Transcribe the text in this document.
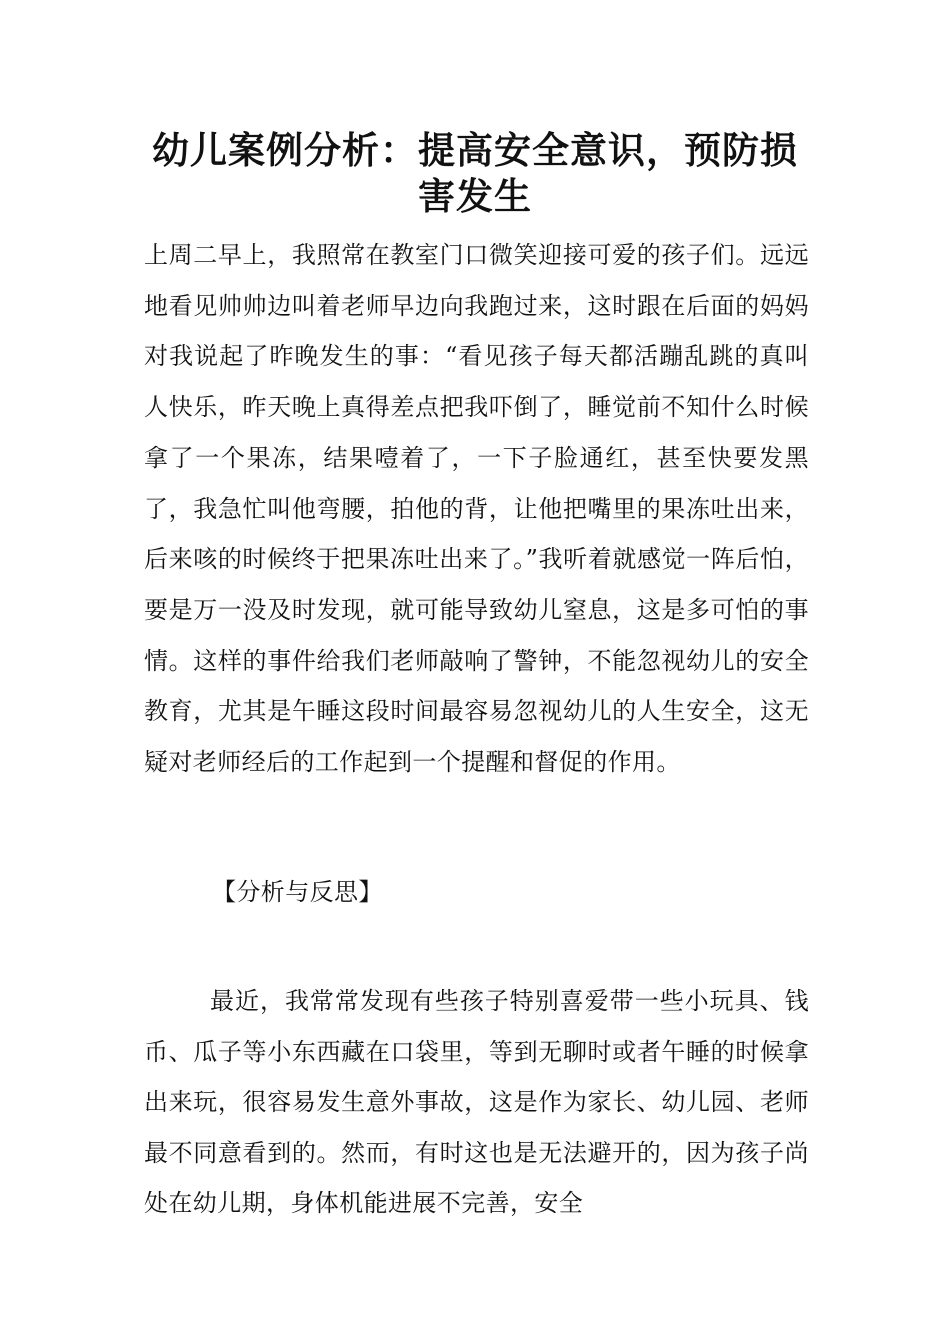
幼儿案例分析：提高安全意识，预防损害发生

上周二早上，我照常在教室门口微笑迎接可爱的孩子们。远远地看见帅帅边叫着老师早边向我跑过来，这时跟在后面的妈妈对我说起了昨晚发生的事：“看见孩子每天都活蹦乱跳的真叫人快乐，昨天晚上真得差点把我吓倒了，睡觉前不知什么时候拿了一个果冻，结果噎着了，一下子脸通红，甚至快要发黑了，我急忙叫他弯腰，拍他的背，让他把嘴里的果冻吐出来，后来咳的时候终于把果冻吐出来了。”我听着就感觉一阵后怕，要是万一没及时发现，就可能导致幼儿窒息，这是多可怕的事情。这样的事件给我们老师敲响了警钟，不能忽视幼儿的安全教育，尤其是午睡这段时间最容易忽视幼儿的人生安全，这无疑对老师经后的工作起到一个提醒和督促的作用。

【分析与反思】

最近，我常常发现有些孩子特别喜爱带一些小玩具、钱币、瓜子等小东西藏在口袋里，等到无聊时或者午睡的时候拿出来玩，很容易发生意外事故，这是作为家长、幼儿园、老师最不同意看到的。然而，有时这也是无法避开的，因为孩子尚处在幼儿期，身体机能进展不完善，安全
